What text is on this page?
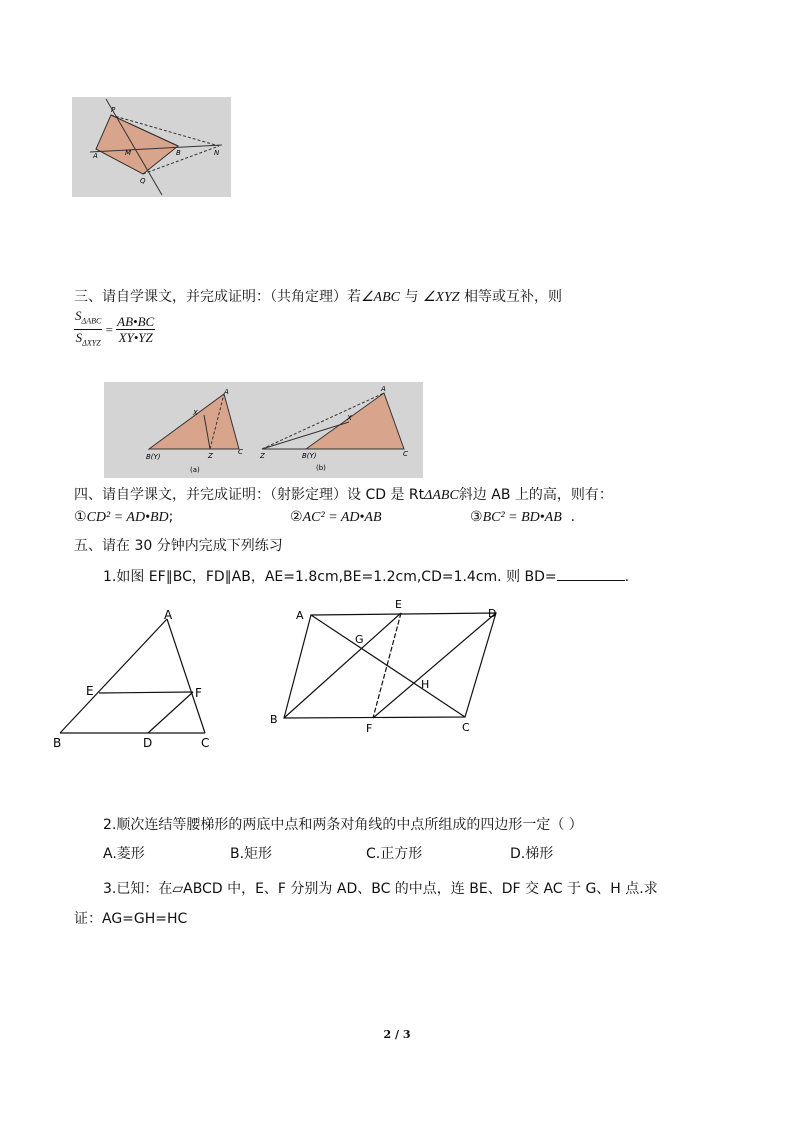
P
A	M	B	N
Q
三、请自学课文，并完成证明：（共角定理）若∠ABC 与 ∠XYZ 相等或互补，则
$\frac{S_{\Delta ABC}}{S_{\Delta XYZ}} = \frac{AB•BC}{XY•YZ}$
A
X
B(Y)	Z	C
(a)
A
X
B(Y)
Z	C
(b)
四、请自学课文，并完成证明：（射影定理）设 CD 是 RtΔABC斜边 AB 上的高，则有：
①CD² = AD•BD;	②AC² = AD•AB	③BC² = BD•AB .
五、请在 30 分钟内完成下列练习
1.如图 EF∥BC，FD∥AB，AE=1.8cm,BE=1.2cm,CD=1.4cm. 则 BD=	.
A
E	F
B	D	C
A
E
D
G
H
B
F	C
2.顺次连结等腰梯形的两底中点和两条对角线的中点所组成的四边形一定（ ）
A.菱形	B.矩形	C.正方形	D.梯形
3.已知：在▱ABCD 中，E、F 分别为 AD、BC 的中点，连 BE、DF 交 AC 于 G、H 点.求
证：AG=GH=HC
2 / 3
